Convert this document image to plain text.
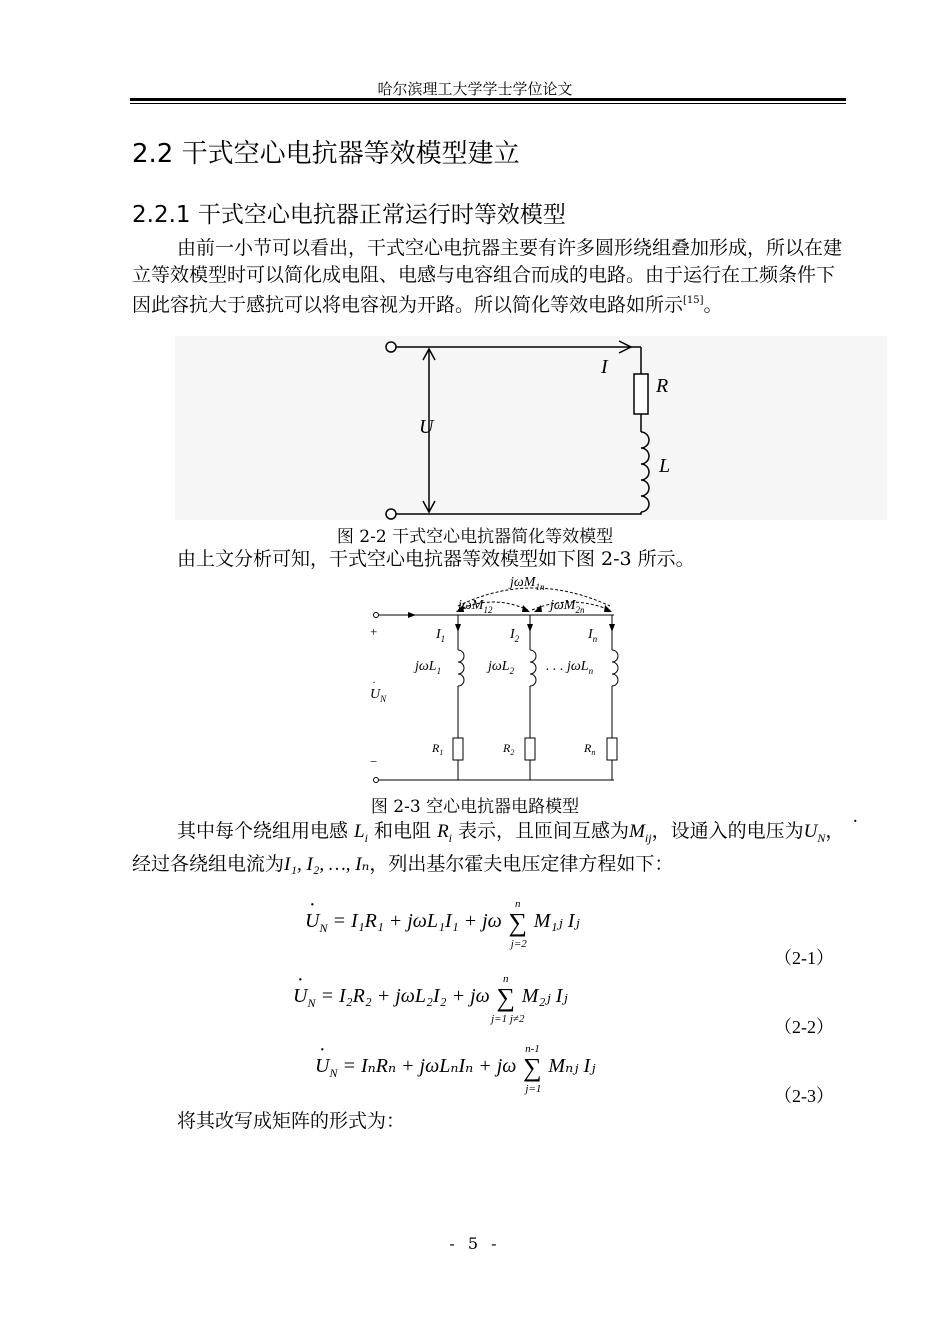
哈尔滨理工大学学士学位论文
2.2 干式空心电抗器等效模型建立
2.2.1 干式空心电抗器正常运行时等效模型
由前一小节可以看出，干式空心电抗器主要有许多圆形绕组叠加形成，所以在建立等效模型时可以简化成电阻、电感与电容组合而成的电路。由于运行在工频条件下因此容抗大于感抗可以将电容视为开路。所以简化等效电路如所示[15]。
I
R
U
L
图 2-2 干式空心电抗器简化等效模型
由上文分析可知，干式空心电抗器等效模型如下图 2-3 所示。
jωM$_{1n}$
jωM$_{12}$	jωM$_{2n}$
+
−
$U_N$
·
$I_1$	$I_2$	$I_n$
jωL$_1$	jωL$_2$ . . . jωL$_n$
$R_1$	$R_2$	$R_n$
图 2-3 空心电抗器电路模型
其中每个绕组用电感 $L_i$ 和电阻 $R_i$ 表示，且匝间互感为$M_{ij}$，设通入的电压为	·
$U_N$，经过各绕组电流为I₁, I₂, …, Iₙ，列出基尔霍夫电压定律方程如下：
·
$U_N = I_1R_1 + j\omega L_1I_1 + j\omega$ ∑
n
j=2
M₁ⱼ Iⱼ
（2-1）
·
$U_N = I_2R_2 + j\omega L_2I_2 + j\omega$ ∑
n
j=1 j≠2
M₂ⱼ Iⱼ
（2-2）
·
$U_N = I_nR_n + j\omega L_nI_n + j\omega$ ∑
n-1
j=1
Mₙⱼ Iⱼ
（2-3）
将其改写成矩阵的形式为：
- 5 -
